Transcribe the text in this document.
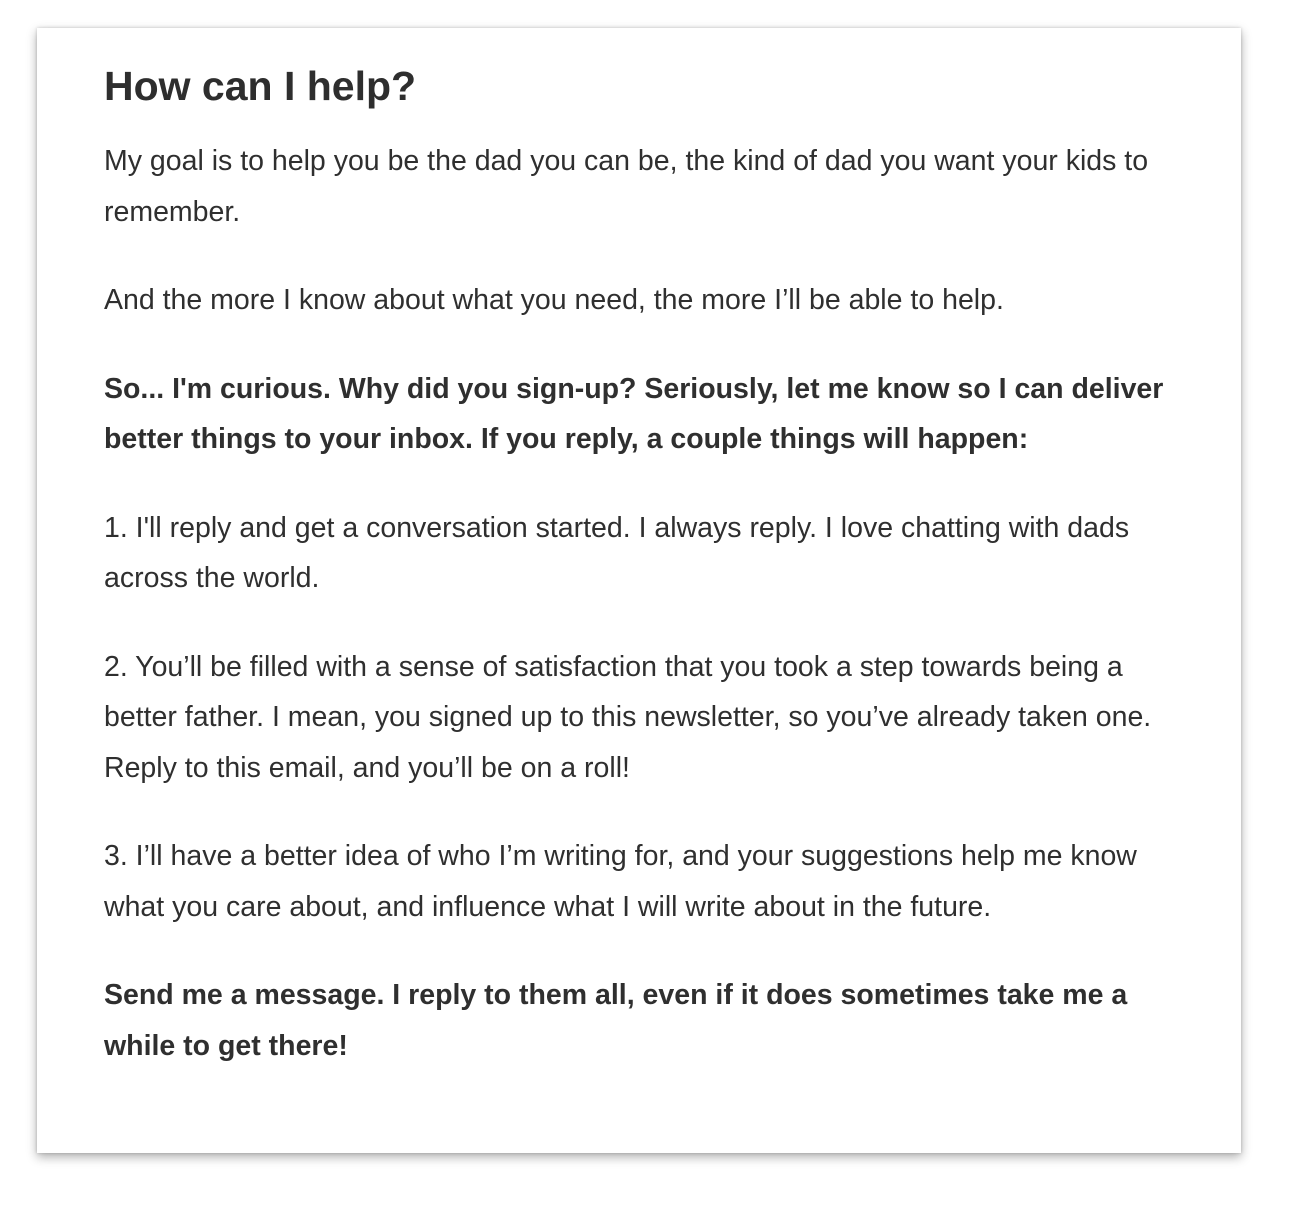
How can I help?

My goal is to help you be the dad you can be, the kind of dad you want your kids to remember.

And the more I know about what you need, the more I’ll be able to help.

So... I'm curious. Why did you sign-up? Seriously, let me know so I can deliver better things to your inbox. If you reply, a couple things will happen:

1. I'll reply and get a conversation started. I always reply. I love chatting with dads across the world.

2. You’ll be filled with a sense of satisfaction that you took a step towards being a better father. I mean, you signed up to this newsletter, so you’ve already taken one. Reply to this email, and you’ll be on a roll!

3. I’ll have a better idea of who I’m writing for, and your suggestions help me know what you care about, and influence what I will write about in the future.

Send me a message. I reply to them all, even if it does sometimes take me a while to get there!
